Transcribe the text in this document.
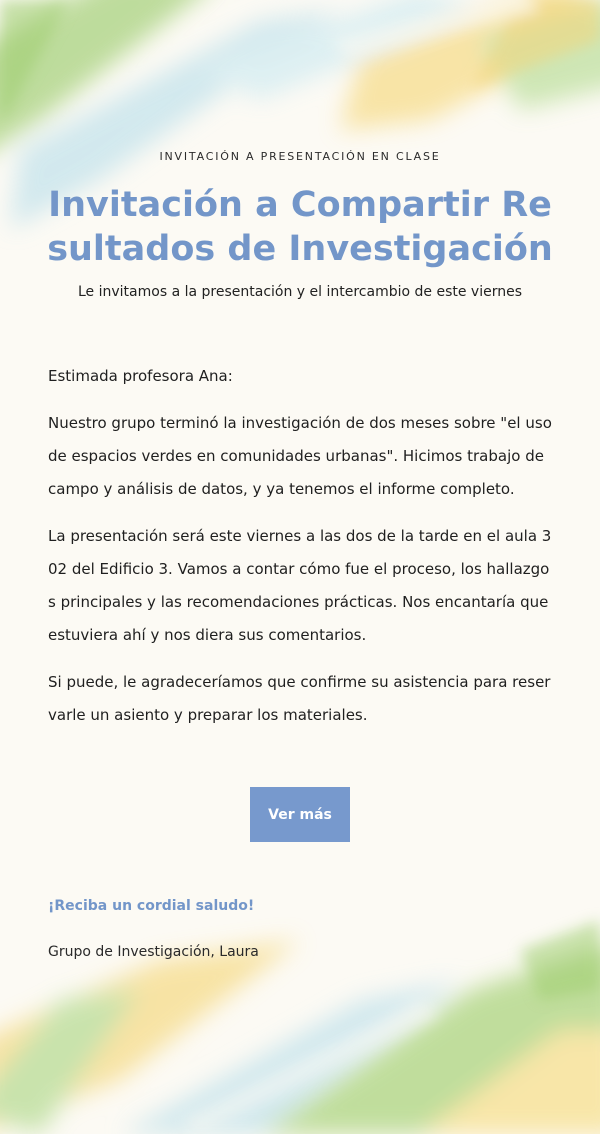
INVITACIÓN A PRESENTACIÓN EN CLASE
Invitación a Compartir Resultados de Investigación
Le invitamos a la presentación y el intercambio de este viernes

Estimada profesora Ana:

Nuestro grupo terminó la investigación de dos meses sobre "el uso de espacios verdes en comunidades urbanas". Hicimos trabajo de campo y análisis de datos, y ya tenemos el informe completo.

La presentación será este viernes a las dos de la tarde en el aula 302 del Edificio 3. Vamos a contar cómo fue el proceso, los hallazgos principales y las recomendaciones prácticas. Nos encantaría que estuviera ahí y nos diera sus comentarios.

Si puede, le agradeceríamos que confirme su asistencia para reservarle un asiento y preparar los materiales.

Ver más
¡Reciba un cordial saludo!
Grupo de Investigación, Laura
